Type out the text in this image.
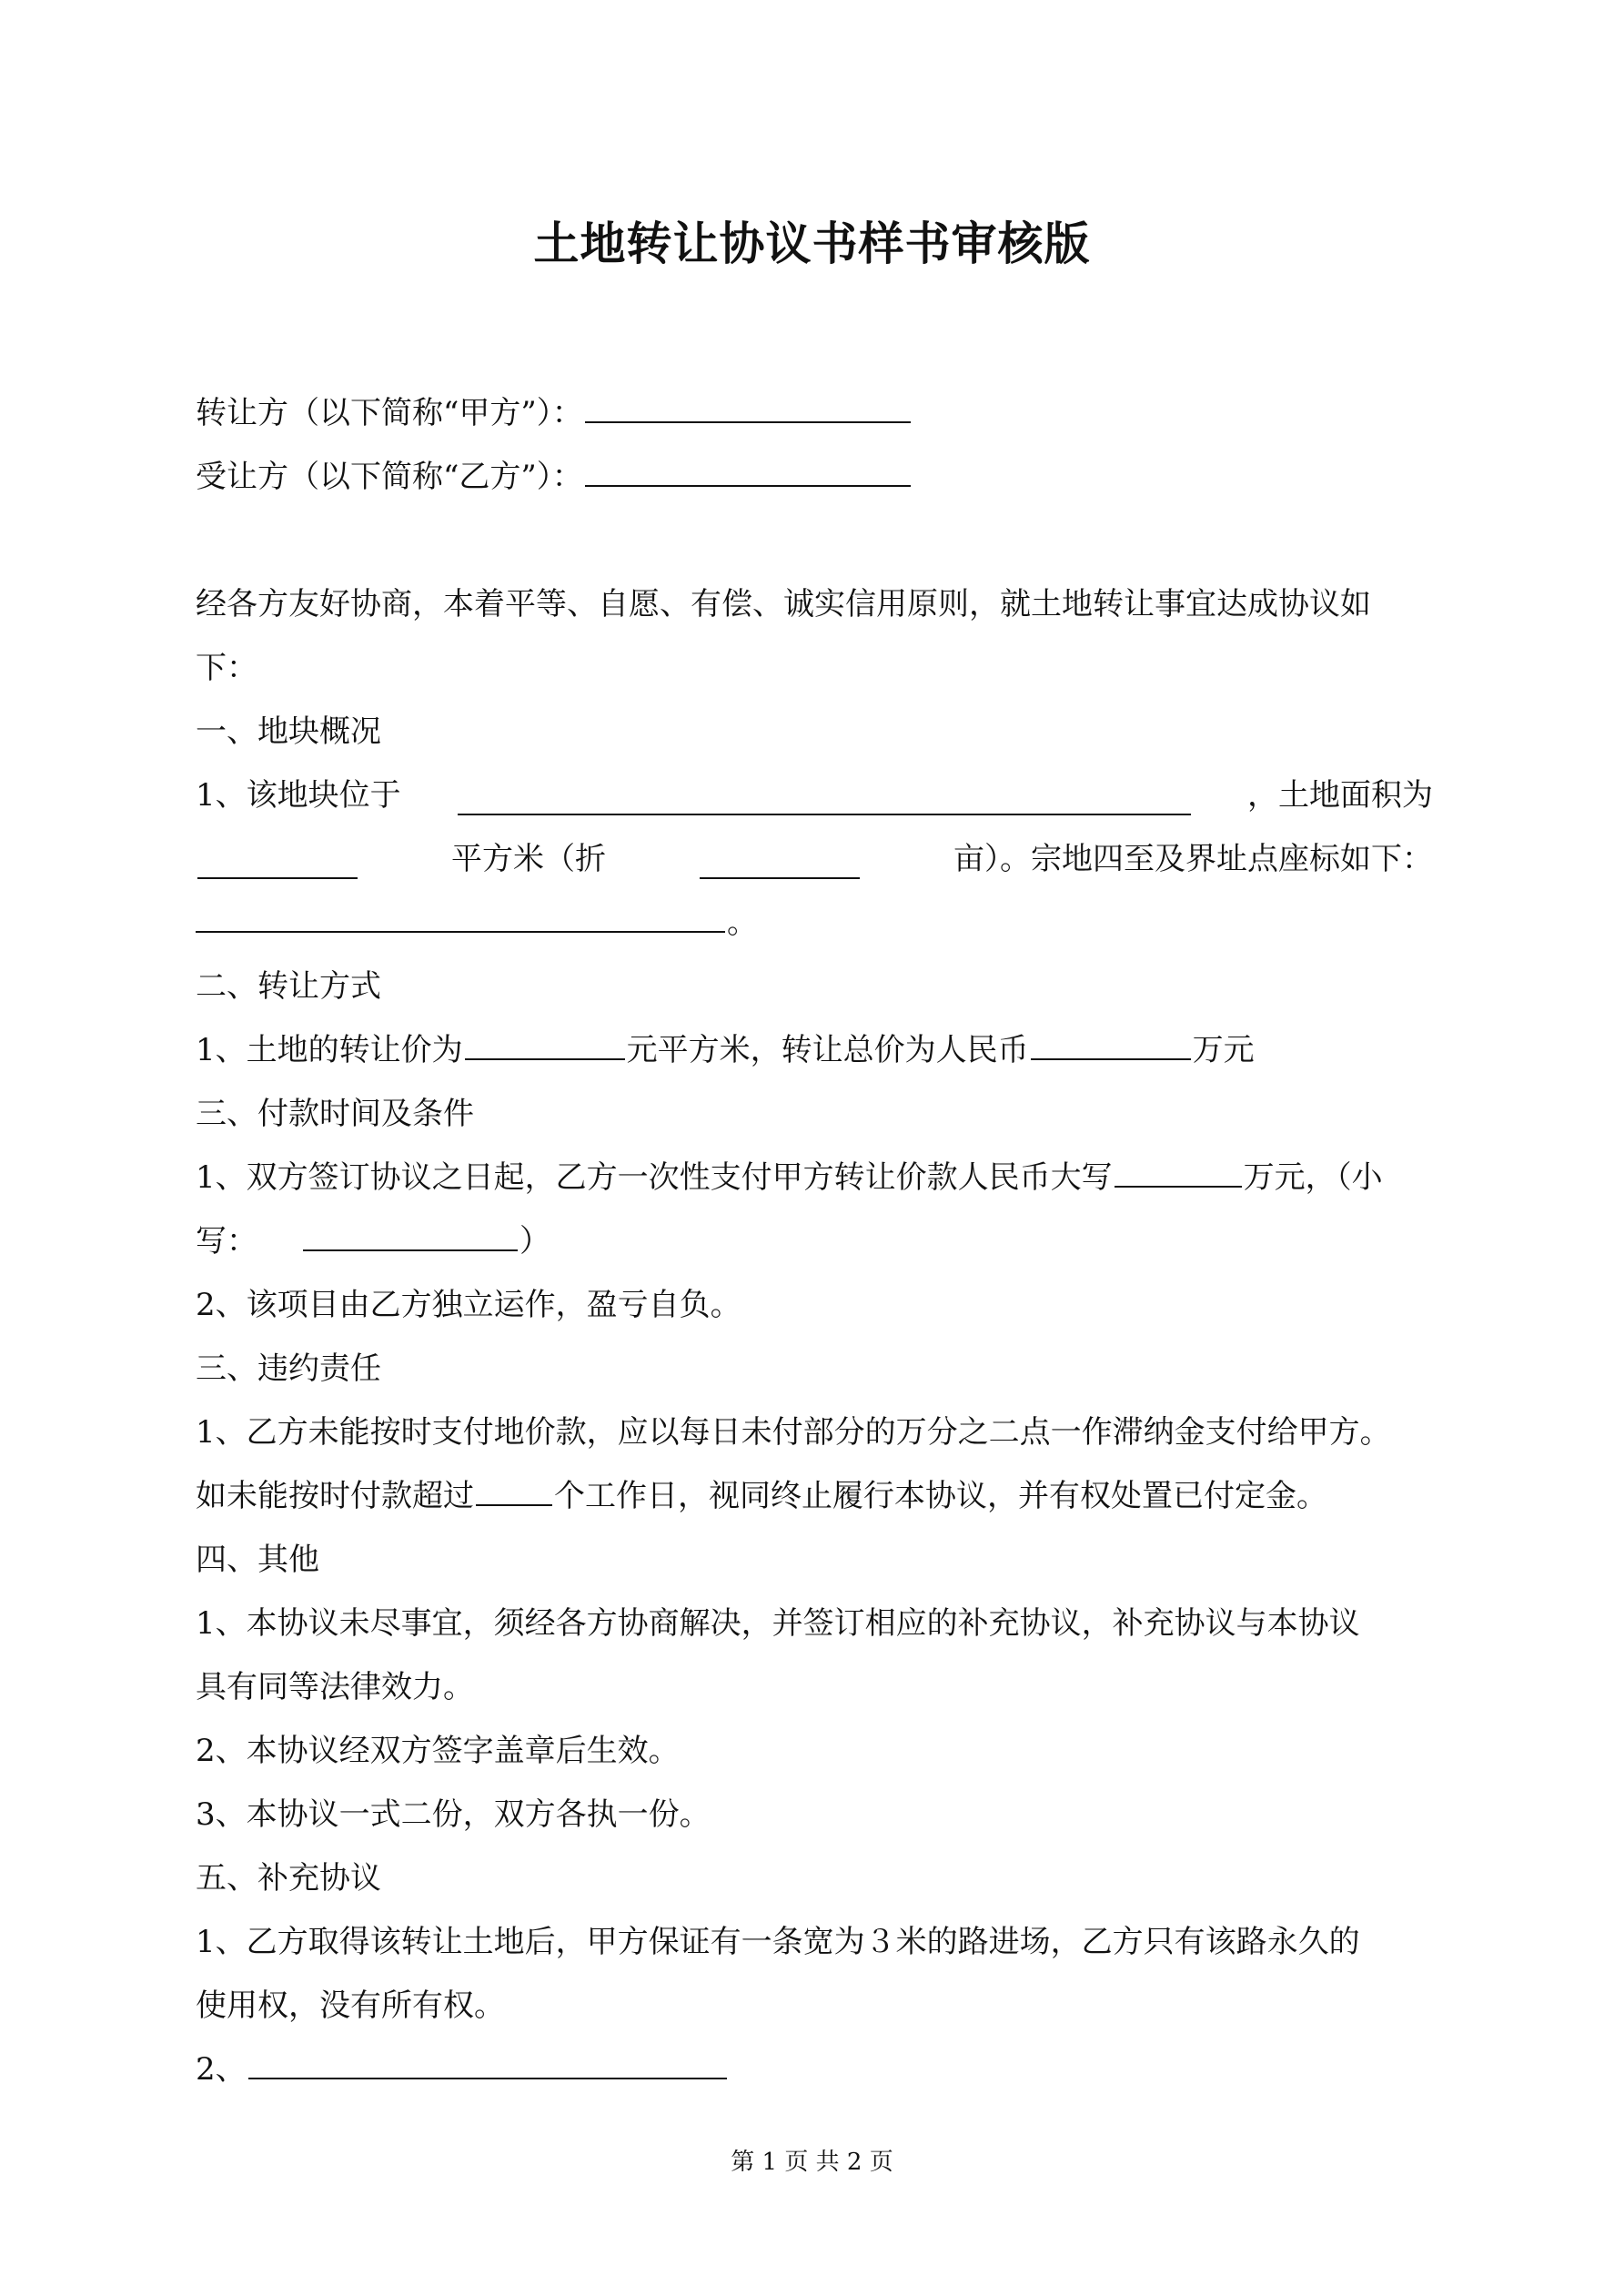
土地转让协议书样书审核版
转让方（以下简称“甲方”）：
受让方（以下简称“乙方”）：
经各方友好协商，本着平等、自愿、有偿、诚实信用原则，就土地转让事宜达成协议如
下：
一、地块概况
1、该地块位于	，土地面积为
平方米（折	亩）。宗地四至及界址点座标如下：
。
二、转让方式
1、土地的转让价为	元平方米，转让总价为人民币	万元
三、付款时间及条件
1、双方签订协议之日起，乙方一次性支付甲方转让价款人民币大写	万元，（小
写：	）
2、该项目由乙方独立运作，盈亏自负。
三、违约责任
1、乙方未能按时支付地价款，应以每日未付部分的万分之二点一作滞纳金支付给甲方。
如未能按时付款超过	个工作日，视同终止履行本协议，并有权处置已付定金。
四、其他
1、本协议未尽事宜，须经各方协商解决，并签订相应的补充协议，补充协议与本协议
具有同等法律效力。
2、本协议经双方签字盖章后生效。
3、本协议一式二份，双方各执一份。
五、补充协议
1、乙方取得该转让土地后，甲方保证有一条宽为３米的路进场，乙方只有该路永久的
使用权，没有所有权。
2、
第 1 页 共 2 页
